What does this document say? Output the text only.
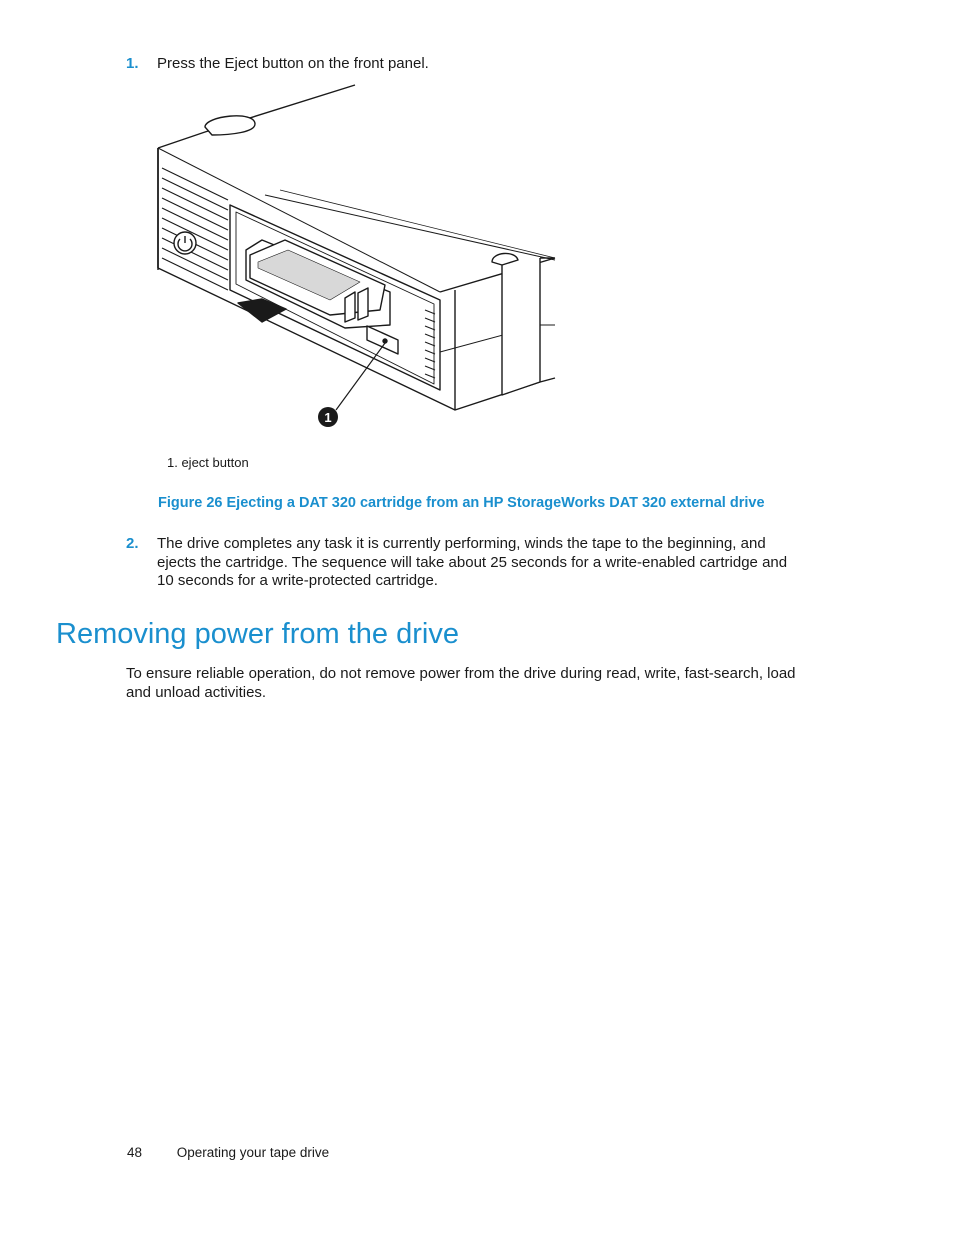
1. Press the Eject button on the front panel.
1
1. eject button
Figure 26 Ejecting a DAT 320 cartridge from an HP StorageWorks DAT 320 external drive
2. The drive completes any task it is currently performing, winds the tape to the beginning, and ejects the cartridge. The sequence will take about 25 seconds for a write-enabled cartridge and 10 seconds for a write-protected cartridge.
Removing power from the drive

To ensure reliable operation, do not remove power from the drive during read, write, fast-search, load and unload activities.

48	Operating your tape drive
